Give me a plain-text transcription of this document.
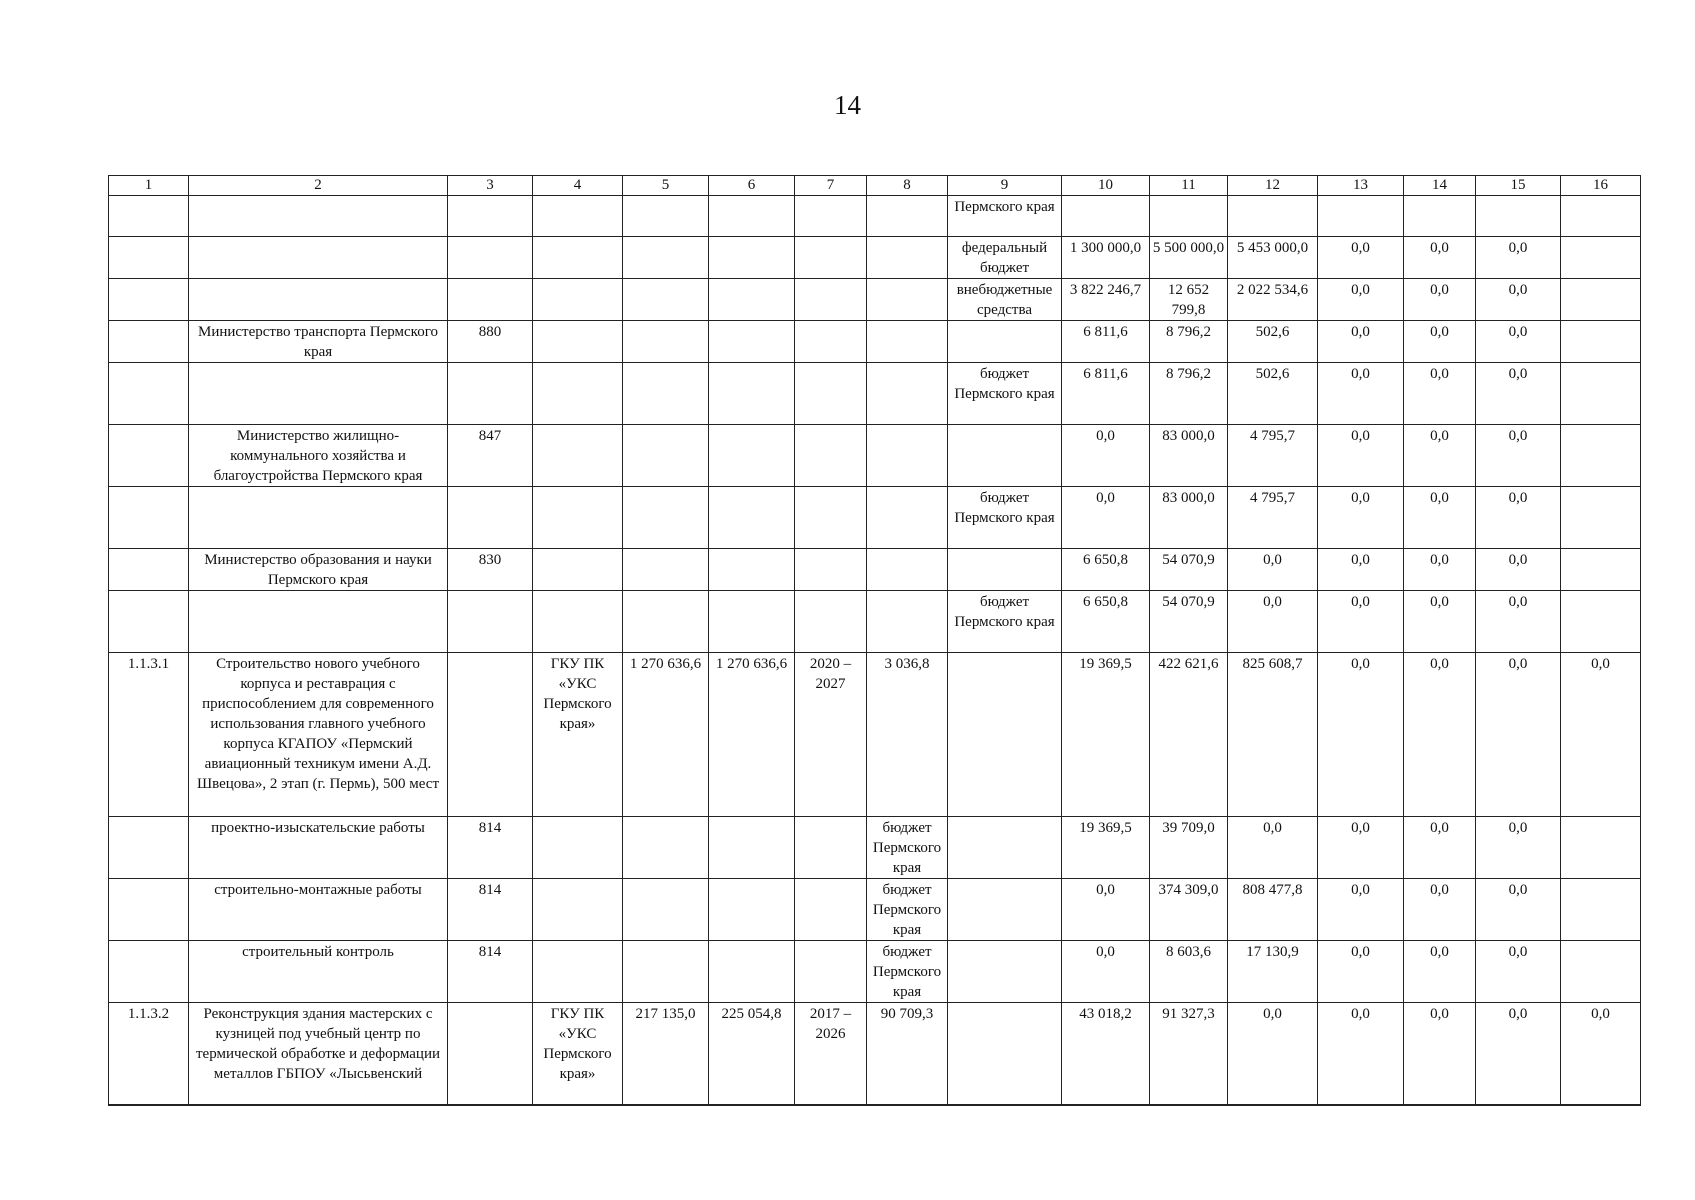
14
1	2	3	4	5	6	7	8	9	10	11	12	13	14	15	16
								Пермского края							
								федеральный бюджет	1 300 000,0	5 500 000,0	5 453 000,0	0,0	0,0	0,0	
								внебюджетные средства	3 822 246,7	12 652 799,8	2 022 534,6	0,0	0,0	0,0	
	Министерство транспорта Пермского края	880							6 811,6	8 796,2	502,6	0,0	0,0	0,0	
								бюджет Пермского края	6 811,6	8 796,2	502,6	0,0	0,0	0,0	
	Министерство жилищно-коммунального хозяйства и благоустройства Пермского края	847							0,0	83 000,0	4 795,7	0,0	0,0	0,0	
								бюджет Пермского края	0,0	83 000,0	4 795,7	0,0	0,0	0,0	
	Министерство образования и науки Пермского края	830							6 650,8	54 070,9	0,0	0,0	0,0	0,0	
								бюджет Пермского края	6 650,8	54 070,9	0,0	0,0	0,0	0,0	
1.1.3.1	Строительство нового учебного корпуса и реставрация с приспособлением для современного использования главного учебного корпуса КГАПОУ «Пермский авиационный техникум имени А.Д. Швецова», 2 этап (г. Пермь), 500 мест		ГКУ ПК «УКС Пермского края»	1 270 636,6	1 270 636,6	2020 – 2027	3 036,8		19 369,5	422 621,6	825 608,7	0,0	0,0	0,0	0,0
	проектно-изыскательские работы	814					бюджет Пермского края		19 369,5	39 709,0	0,0	0,0	0,0	0,0	
	строительно-монтажные работы	814					бюджет Пермского края		0,0	374 309,0	808 477,8	0,0	0,0	0,0	
	строительный контроль	814					бюджет Пермского края		0,0	8 603,6	17 130,9	0,0	0,0	0,0	
1.1.3.2	Реконструкция здания мастерских с кузницей под учебный центр по термической обработке и деформации металлов ГБПОУ «Лысьвенский		ГКУ ПК «УКС Пермского края»	217 135,0	225 054,8	2017 – 2026	90 709,3		43 018,2	91 327,3	0,0	0,0	0,0	0,0	0,0
